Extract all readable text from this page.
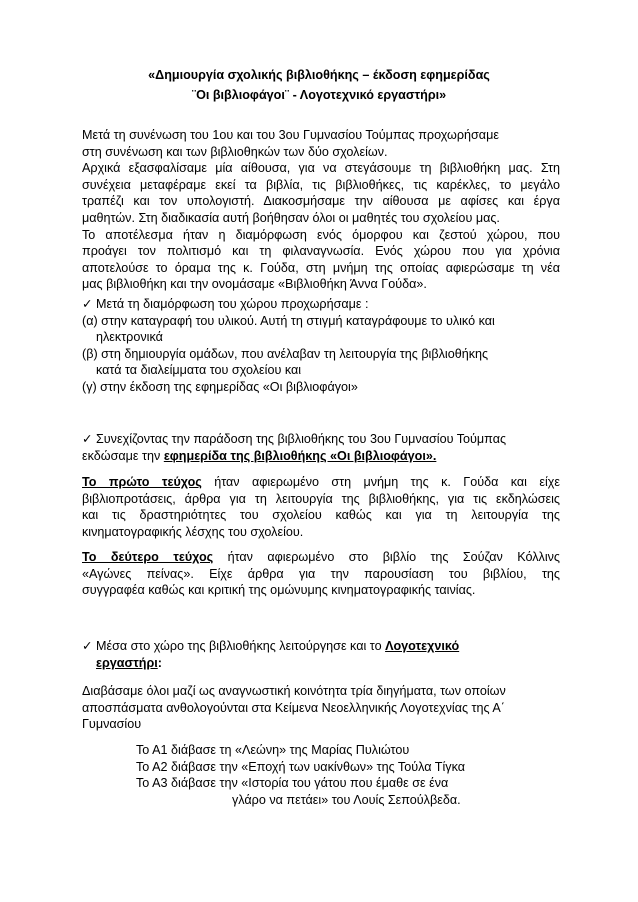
«Δημιουργία σχολικής βιβλιοθήκης – έκδοση εφημερίδας
¨Οι βιβλιοφάγοι¨ - Λογοτεχνικό εργαστήρι»
Μετά τη συνένωση του 1ου και του 3ου Γυμνασίου Τούμπας προχωρήσαμε
στη συνένωση και των βιβλιοθηκών των δύο σχολείων.
Αρχικά εξασφαλίσαμε μία αίθουσα, για να στεγάσουμε τη βιβλιοθήκη μας. Στη
συνέχεια μεταφέραμε εκεί τα βιβλία, τις βιβλιοθήκες, τις καρέκλες, το μεγάλο
τραπέζι και τον υπολογιστή. Διακοσμήσαμε την αίθουσα με αφίσες και έργα
μαθητών. Στη διαδικασία αυτή βοήθησαν όλοι οι μαθητές του σχολείου μας.
Το αποτέλεσμα ήταν η διαμόρφωση ενός όμορφου και ζεστού χώρου, που
προάγει τον πολιτισμό και τη φιλαναγνωσία. Ενός χώρου που για χρόνια
αποτελούσε το όραμα της κ. Γούδα, στη μνήμη της οποίας αφιερώσαμε τη νέα
μας βιβλιοθήκη και την ονομάσαμε «Βιβλιοθήκη Άννα Γούδα».
✓ Μετά τη διαμόρφωση του χώρου προχωρήσαμε :
(α) στην καταγραφή του υλικού. Αυτή τη στιγμή καταγράφουμε το υλικό και
ηλεκτρονικά
(β) στη δημιουργία ομάδων, που ανέλαβαν τη λειτουργία της βιβλιοθήκης
κατά τα διαλείμματα του σχολείου και
(γ) στην έκδοση της εφημερίδας «Οι βιβλιοφάγοι»
✓ Συνεχίζοντας την παράδοση της βιβλιοθήκης του 3ου Γυμνασίου Τούμπας
εκδώσαμε την εφημερίδα της βιβλιοθήκης «Οι βιβλιοφάγοι».
Το πρώτο τεύχος ήταν αφιερωμένο στη μνήμη της κ. Γούδα και είχε
βιβλιοπροτάσεις, άρθρα για τη λειτουργία της βιβλιοθήκης, για τις εκδηλώσεις
και τις δραστηριότητες του σχολείου καθώς και για τη λειτουργία της
κινηματογραφικής λέσχης του σχολείου.
Το δεύτερο τεύχος ήταν αφιερωμένο στο βιβλίο της Σούζαν Κόλλινς
«Αγώνες πείνας». Είχε άρθρα για την παρουσίαση του βιβλίου, της
συγγραφέα καθώς και κριτική της ομώνυμης κινηματογραφικής ταινίας.
✓ Μέσα στο χώρο της βιβλιοθήκης λειτούργησε και το Λογοτεχνικό
εργαστήρι:
Διαβάσαμε όλοι μαζί ως αναγνωστική κοινότητα τρία διηγήματα, των οποίων
αποσπάσματα ανθολογούνται στα Κείμενα Νεοελληνικής Λογοτεχνίας της Α΄
Γυμνασίου
Το Α1 διάβασε τη «Λεώνη» της Μαρίας Πυλιώτου
Το Α2 διάβασε την «Εποχή των υακίνθων» της Τούλα Τίγκα
Το Α3 διάβασε την «Ιστορία του γάτου που έμαθε σε ένα
γλάρο να πετάει» του Λουίς Σεπούλβεδα.
